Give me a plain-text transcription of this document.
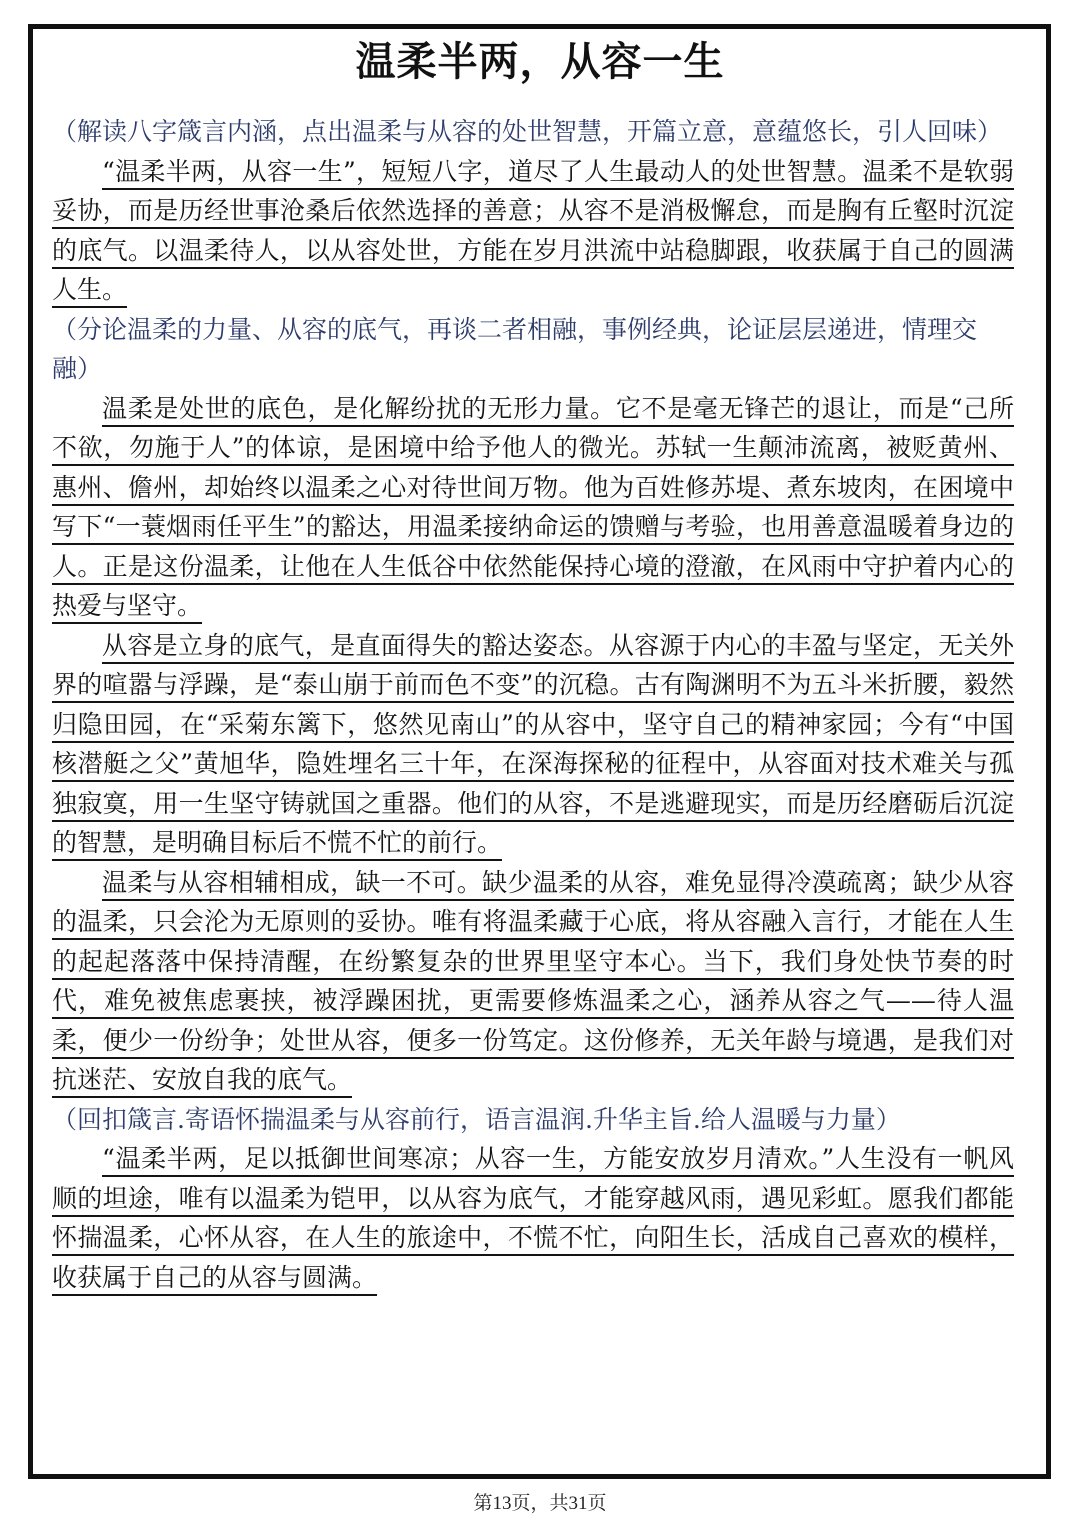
温柔半两，从容一生

（解读八字箴言内涵，点出温柔与从容的处世智慧，开篇立意，意蕴悠长，引人回味）

“温柔半两，从容一生”，短短八字，道尽了人生最动人的处世智慧。温柔不是软弱妥协，而是历经世事沧桑后依然选择的善意；从容不是消极懈怠，而是胸有丘壑时沉淀的底气。以温柔待人，以从容处世，方能在岁月洪流中站稳脚跟，收获属于自己的圆满人生。

（分论温柔的力量、从容的底气，再谈二者相融，事例经典，论证层层递进，情理交融）

温柔是处世的底色，是化解纷扰的无形力量。它不是毫无锋芒的退让，而是“己所不欲，勿施于人”的体谅，是困境中给予他人的微光。苏轼一生颠沛流离，被贬黄州、惠州、儋州，却始终以温柔之心对待世间万物。他为百姓修苏堤、煮东坡肉，在困境中写下“一蓑烟雨任平生”的豁达，用温柔接纳命运的馈赠与考验，也用善意温暖着身边的人。正是这份温柔，让他在人生低谷中依然能保持心境的澄澈，在风雨中守护着内心的热爱与坚守。

从容是立身的底气，是直面得失的豁达姿态。从容源于内心的丰盈与坚定，无关外界的喧嚣与浮躁，是“泰山崩于前而色不变”的沉稳。古有陶渊明不为五斗米折腰，毅然归隐田园，在“采菊东篱下，悠然见南山”的从容中，坚守自己的精神家园；今有“中国核潜艇之父”黄旭华，隐姓埋名三十年，在深海探秘的征程中，从容面对技术难关与孤独寂寞，用一生坚守铸就国之重器。他们的从容，不是逃避现实，而是历经磨砺后沉淀的智慧，是明确目标后不慌不忙的前行。

温柔与从容相辅相成，缺一不可。缺少温柔的从容，难免显得冷漠疏离；缺少从容的温柔，只会沦为无原则的妥协。唯有将温柔藏于心底，将从容融入言行，才能在人生的起起落落中保持清醒，在纷繁复杂的世界里坚守本心。当下，我们身处快节奏的时代，难免被焦虑裹挟，被浮躁困扰，更需要修炼温柔之心，涵养从容之气——待人温柔，便少一份纷争；处世从容，便多一份笃定。这份修养，无关年龄与境遇，是我们对抗迷茫、安放自我的底气。

（回扣箴言.寄语怀揣温柔与从容前行，语言温润.升华主旨.给人温暖与力量）

“温柔半两，足以抵御世间寒凉；从容一生，方能安放岁月清欢。”人生没有一帆风顺的坦途，唯有以温柔为铠甲，以从容为底气，才能穿越风雨，遇见彩虹。愿我们都能怀揣温柔，心怀从容，在人生的旅途中，不慌不忙，向阳生长，活成自己喜欢的模样，收获属于自己的从容与圆满。

第13页，共31页
